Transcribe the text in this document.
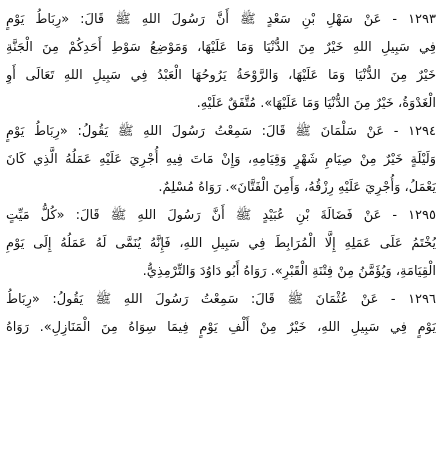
١٢٩٣ - عَنْ سَهْلِ بْنِ سَعْدٍ ﷺ أَنَّ رَسُولَ اللهِ ﷺ قَالَ: «رِبَاطُ يَوْمٍ
فِي سَبِيلِ اللهِ خَيْرٌ مِنَ الدُّنْيَا وَمَا عَلَيْهَا، وَمَوْضِعُ سَوْطِ أَحَدِكُمْ مِنَ الْجَنَّةِ
خَيْرٌ مِنَ الدُّنْيَا وَمَا عَلَيْهَا، وَالرَّوْحَةُ يَرُوحُهَا الْعَبْدُ فِي سَبِيلِ اللهِ تَعَالَى أَوِ
الْغَدْوَةُ، خَيْرٌ مِنَ الدُّنْيَا وَمَا عَلَيْهَا». مُتَّفَقٌ عَلَيْهِ.
١٢٩٤ - عَنْ سَلْمَانَ ﷺ قَالَ: سَمِعْتُ رَسُولَ اللهِ ﷺ يَقُولُ: «رِبَاطُ يَوْمٍ
وَلَيْلَةٍ خَيْرٌ مِنْ صِيَامِ شَهْرٍ وَقِيَامِهِ، وَإِنْ مَاتَ فِيهِ أُجْرِيَ عَلَيْهِ عَمَلُهُ الَّذِي كَانَ
يَعْمَلُ، وَأُجْرِيَ عَلَيْهِ رِزْقُهُ، وَأَمِنَ الْفَتَّانَ». رَوَاهُ مُسْلِمٌ.
١٢٩٥ - عَنْ فَضَالَةَ بْنِ عُبَيْدٍ ﷺ أَنَّ رَسُولَ اللهِ ﷺ قَالَ: «كُلُّ مَيِّتٍ
يُخْتَمُ عَلَى عَمَلِهِ إِلَّا الْمُرَابِطَ فِي سَبِيلِ اللهِ، فَإِنَّهُ يُنَمَّى لَهُ عَمَلُهُ إِلَى يَوْمِ
الْقِيَامَةِ، وَيُؤَمَّنُ مِنْ فِتْنَةِ الْقَبْرِ». رَوَاهُ أَبُو دَاوُدَ وَالتِّرْمِذِيُّ.
١٢٩٦ - عَنْ عُثْمَانَ ﷺ قَالَ: سَمِعْتُ رَسُولَ اللهِ ﷺ يَقُولُ: «رِبَاطُ
يَوْمٍ فِي سَبِيلِ اللهِ، خَيْرٌ مِنْ أَلْفِ يَوْمٍ فِيمَا سِوَاهُ مِنَ الْمَنَازِلِ». رَوَاهُ
